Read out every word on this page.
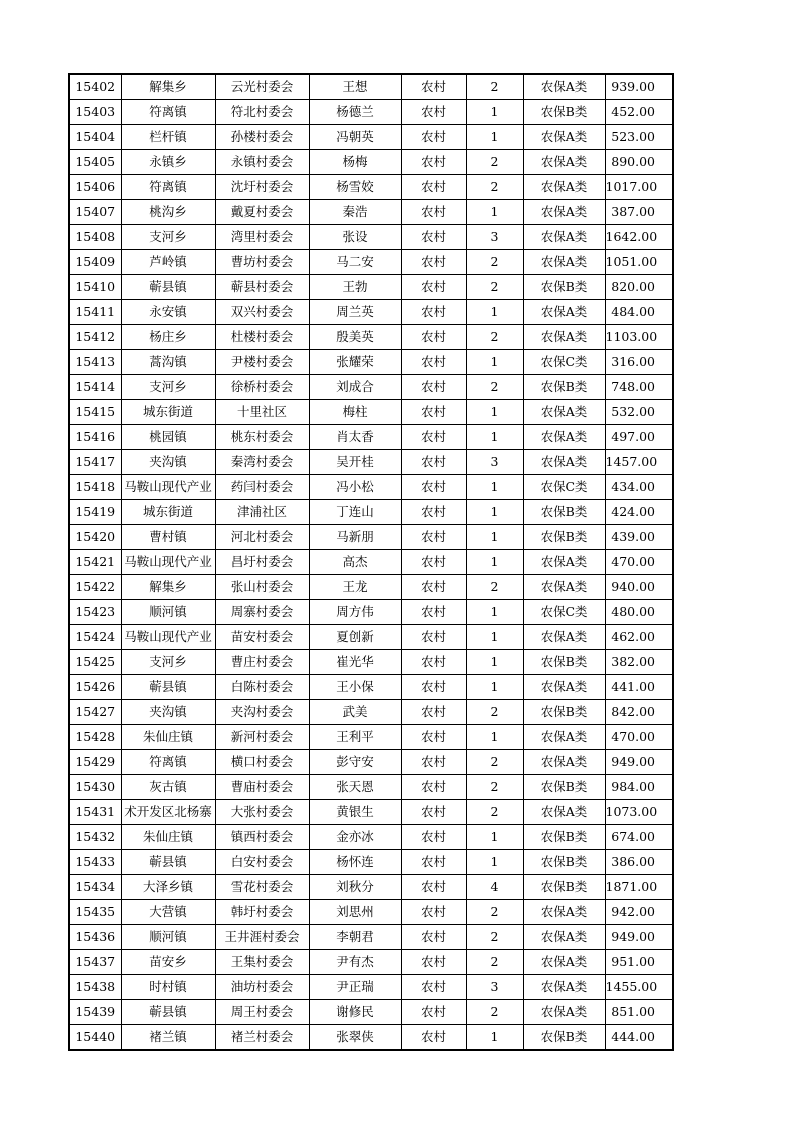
15402	解集乡	云光村委会	王想	农村	2	农保A类	939.00
15403	符离镇	符北村委会	杨德兰	农村	1	农保B类	452.00
15404	栏杆镇	孙楼村委会	冯朝英	农村	1	农保A类	523.00
15405	永镇乡	永镇村委会	杨梅	农村	2	农保A类	890.00
15406	符离镇	沈圩村委会	杨雪姣	农村	2	农保A类	1017.00
15407	桃沟乡	戴夏村委会	秦浩	农村	1	农保A类	387.00
15408	支河乡	湾里村委会	张设	农村	3	农保A类	1642.00
15409	芦岭镇	曹坊村委会	马二安	农村	2	农保A类	1051.00
15410	蕲县镇	蕲县村委会	王勃	农村	2	农保B类	820.00
15411	永安镇	双兴村委会	周兰英	农村	1	农保A类	484.00
15412	杨庄乡	杜楼村委会	殷美英	农村	2	农保A类	1103.00
15413	蒿沟镇	尹楼村委会	张耀荣	农村	1	农保C类	316.00
15414	支河乡	徐桥村委会	刘成合	农村	2	农保B类	748.00
15415	城东街道	十里社区	梅柱	农村	1	农保A类	532.00
15416	桃园镇	桃东村委会	肖太香	农村	1	农保A类	497.00
15417	夹沟镇	秦湾村委会	吴开桂	农村	3	农保A类	1457.00
15418	马鞍山现代产业	药闫村委会	冯小松	农村	1	农保C类	434.00
15419	城东街道	津浦社区	丁连山	农村	1	农保B类	424.00
15420	曹村镇	河北村委会	马新朋	农村	1	农保B类	439.00
15421	马鞍山现代产业	昌圩村委会	高杰	农村	1	农保A类	470.00
15422	解集乡	张山村委会	王龙	农村	2	农保A类	940.00
15423	顺河镇	周寨村委会	周方伟	农村	1	农保C类	480.00
15424	马鞍山现代产业	苗安村委会	夏创新	农村	1	农保A类	462.00
15425	支河乡	曹庄村委会	崔光华	农村	1	农保B类	382.00
15426	蕲县镇	白陈村委会	王小保	农村	1	农保A类	441.00
15427	夹沟镇	夹沟村委会	武美	农村	2	农保B类	842.00
15428	朱仙庄镇	新河村委会	王利平	农村	1	农保A类	470.00
15429	符离镇	横口村委会	彭守安	农村	2	农保A类	949.00
15430	灰古镇	曹庙村委会	张天恩	农村	2	农保B类	984.00
15431	术开发区北杨寨	大张村委会	黄银生	农村	2	农保A类	1073.00
15432	朱仙庄镇	镇西村委会	金亦冰	农村	1	农保B类	674.00
15433	蕲县镇	白安村委会	杨怀连	农村	1	农保B类	386.00
15434	大泽乡镇	雪花村委会	刘秋分	农村	4	农保B类	1871.00
15435	大营镇	韩圩村委会	刘思州	农村	2	农保A类	942.00
15436	顺河镇	王井涯村委会	李朝君	农村	2	农保A类	949.00
15437	苗安乡	王集村委会	尹有杰	农村	2	农保A类	951.00
15438	时村镇	油坊村委会	尹正瑞	农村	3	农保A类	1455.00
15439	蕲县镇	周王村委会	谢修民	农村	2	农保A类	851.00
15440	褚兰镇	褚兰村委会	张翠侠	农村	1	农保B类	444.00
